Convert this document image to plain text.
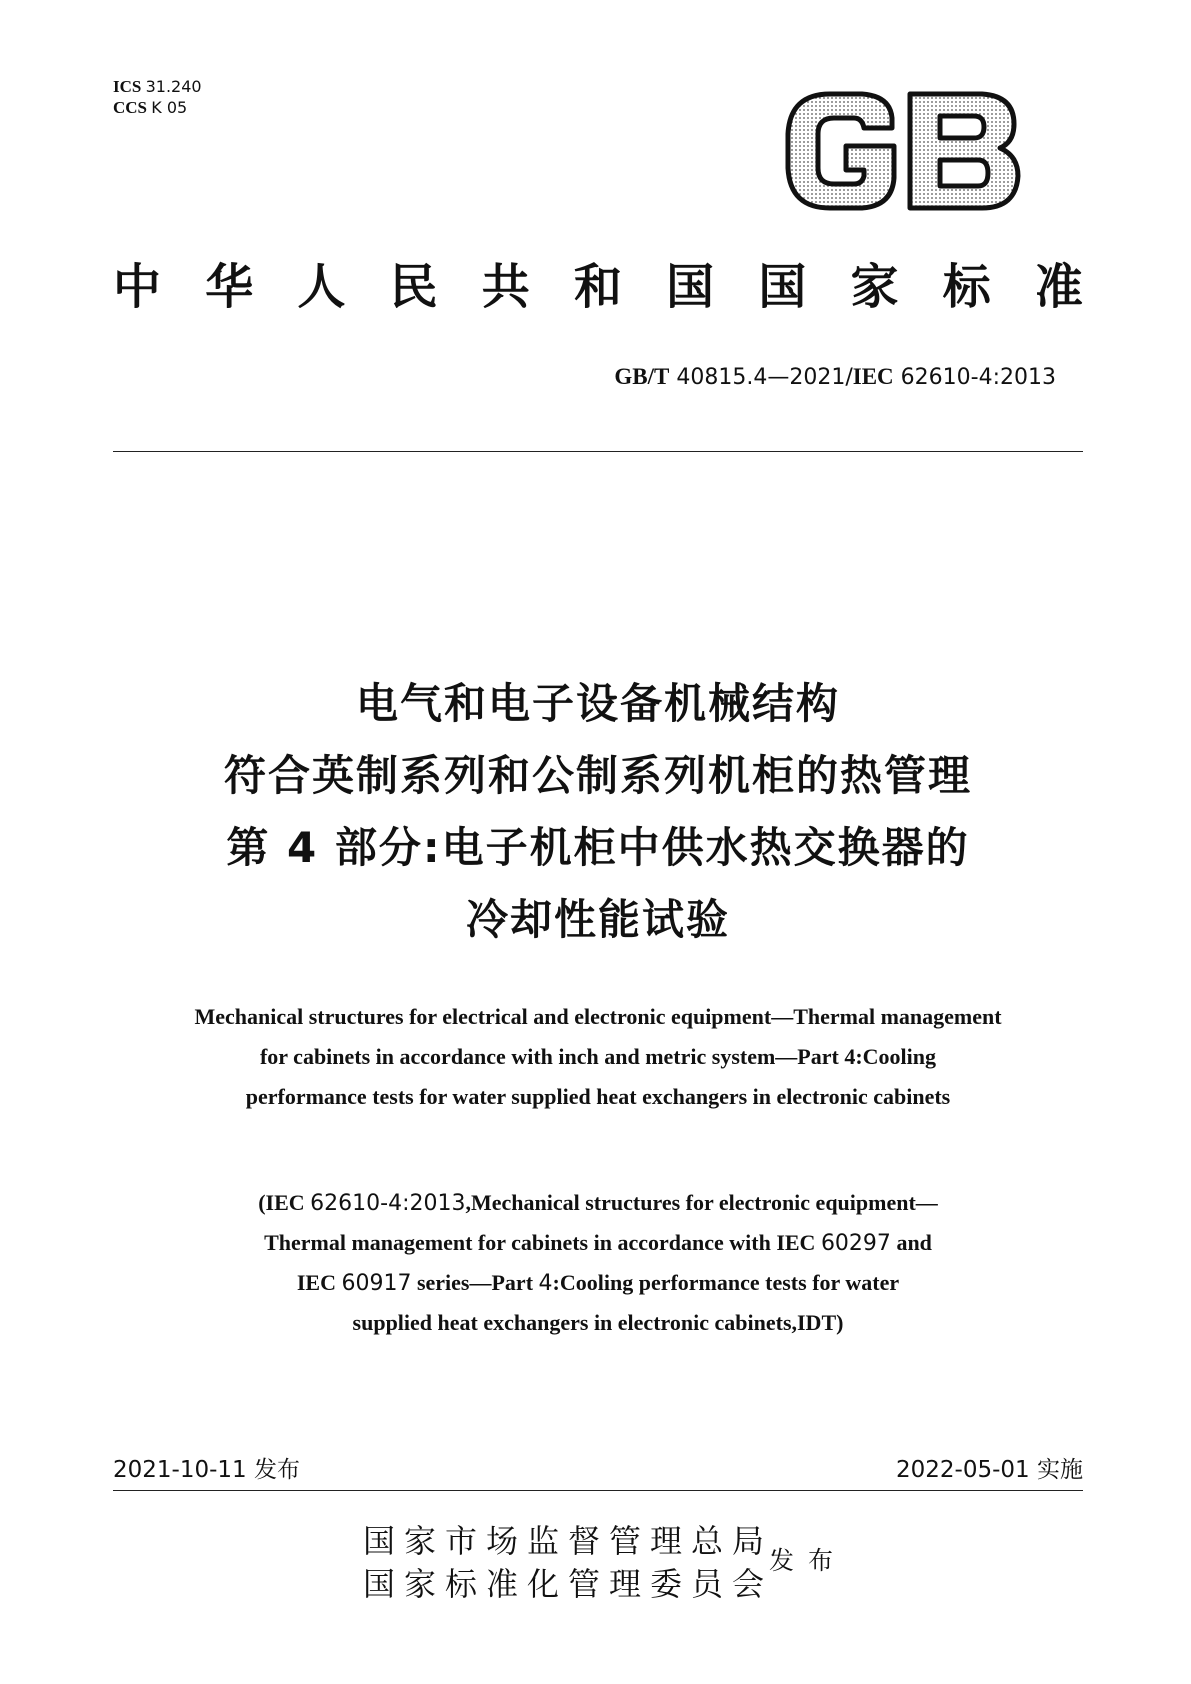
ICS 31.240
CCS K 05
中 华 人 民 共 和 国 国 家 标 准
GB/T 40815.4—2021/IEC 62610-4:2013
电气和电子设备机械结构
符合英制系列和公制系列机柜的热管理
第 4 部分:电子机柜中供水热交换器的
冷却性能试验
Mechanical structures for electrical and electronic equipment—Thermal management
for cabinets in accordance with inch and metric system—Part 4:Cooling
performance tests for water supplied heat exchangers in electronic cabinets
(IEC 62610-4:2013,Mechanical structures for electronic equipment—
Thermal management for cabinets in accordance with IEC 60297 and
IEC 60917 series—Part 4:Cooling performance tests for water
supplied heat exchangers in electronic cabinets,IDT)
2021-10-11 发布	2022-05-01 实施
国家市场监督管理总局
国家标准化管理委员会
发布
